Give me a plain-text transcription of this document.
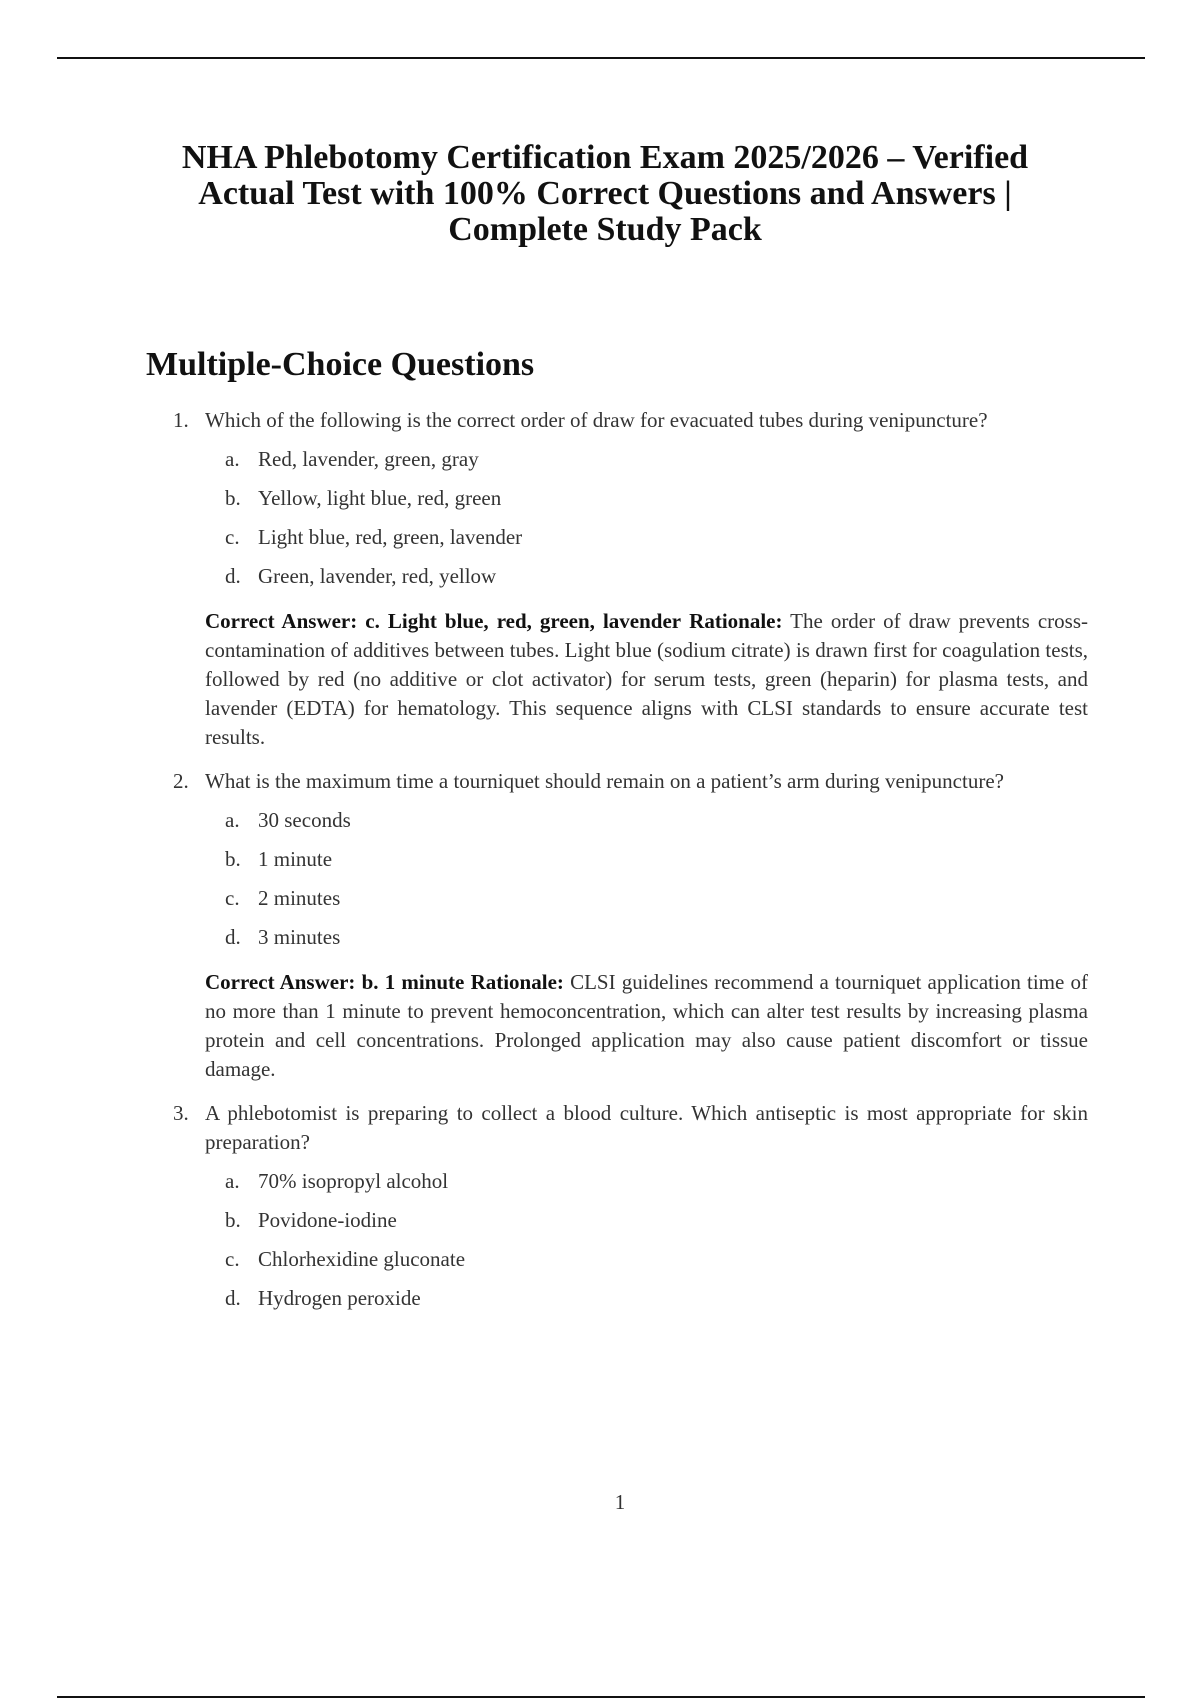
NHA Phlebotomy Certification Exam 2025/2026 – Verified Actual Test with 100% Correct Questions and Answers | Complete Study Pack
Multiple-Choice Questions
1. Which of the following is the correct order of draw for evacuated tubes during venipuncture?
a. Red, lavender, green, gray
b. Yellow, light blue, red, green
c. Light blue, red, green, lavender
d. Green, lavender, red, yellow
Correct Answer: c. Light blue, red, green, lavender Rationale: The order of draw prevents cross-contamination of additives between tubes. Light blue (sodium citrate) is drawn first for coagulation tests, followed by red (no additive or clot activator) for serum tests, green (heparin) for plasma tests, and lavender (EDTA) for hematology. This sequence aligns with CLSI standards to ensure accurate test results.
2. What is the maximum time a tourniquet should remain on a patient’s arm during venipuncture?
a. 30 seconds
b. 1 minute
c. 2 minutes
d. 3 minutes
Correct Answer: b. 1 minute Rationale: CLSI guidelines recommend a tourniquet application time of no more than 1 minute to prevent hemoconcentration, which can alter test results by increasing plasma protein and cell concentrations. Prolonged application may also cause patient discomfort or tissue damage.
3. A phlebotomist is preparing to collect a blood culture. Which antiseptic is most appropriate for skin preparation?
a. 70% isopropyl alcohol
b. Povidone-iodine
c. Chlorhexidine gluconate
d. Hydrogen peroxide
1
